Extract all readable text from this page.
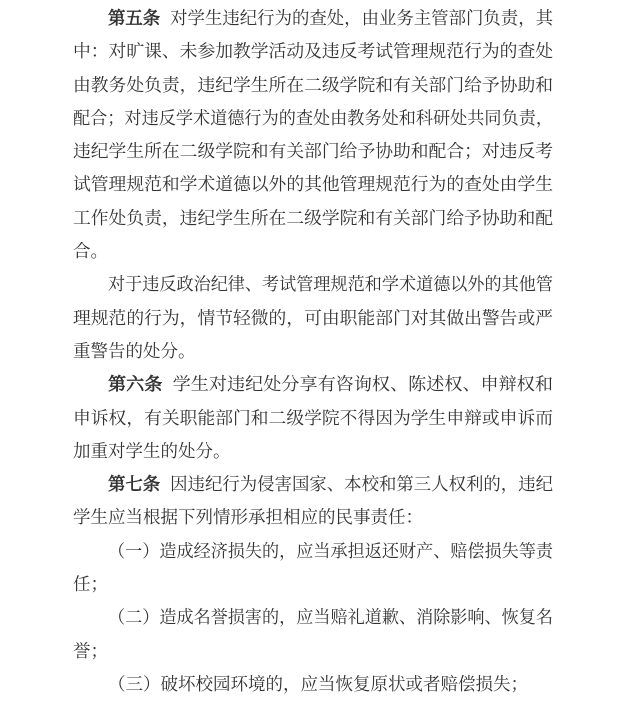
第五条 对学生违纪行为的查处，由业务主管部门负责，其
中：对旷课、未参加教学活动及违反考试管理规范行为的查处
由教务处负责，违纪学生所在二级学院和有关部门给予协助和
配合；对违反学术道德行为的查处由教务处和科研处共同负责，
违纪学生所在二级学院和有关部门给予协助和配合；对违反考
试管理规范和学术道德以外的其他管理规范行为的查处由学生
工作处负责，违纪学生所在二级学院和有关部门给予协助和配
合。
对于违反政治纪律、考试管理规范和学术道德以外的其他管
理规范的行为，情节轻微的，可由职能部门对其做出警告或严
重警告的处分。
第六条 学生对违纪处分享有咨询权、陈述权、申辩权和
申诉权，有关职能部门和二级学院不得因为学生申辩或申诉而
加重对学生的处分。
第七条 因违纪行为侵害国家、本校和第三人权利的，违纪
学生应当根据下列情形承担相应的民事责任：
（一）造成经济损失的，应当承担返还财产、赔偿损失等责
任；
（二）造成名誉损害的，应当赔礼道歉、消除影响、恢复名
誉；
（三）破坏校园环境的，应当恢复原状或者赔偿损失；
